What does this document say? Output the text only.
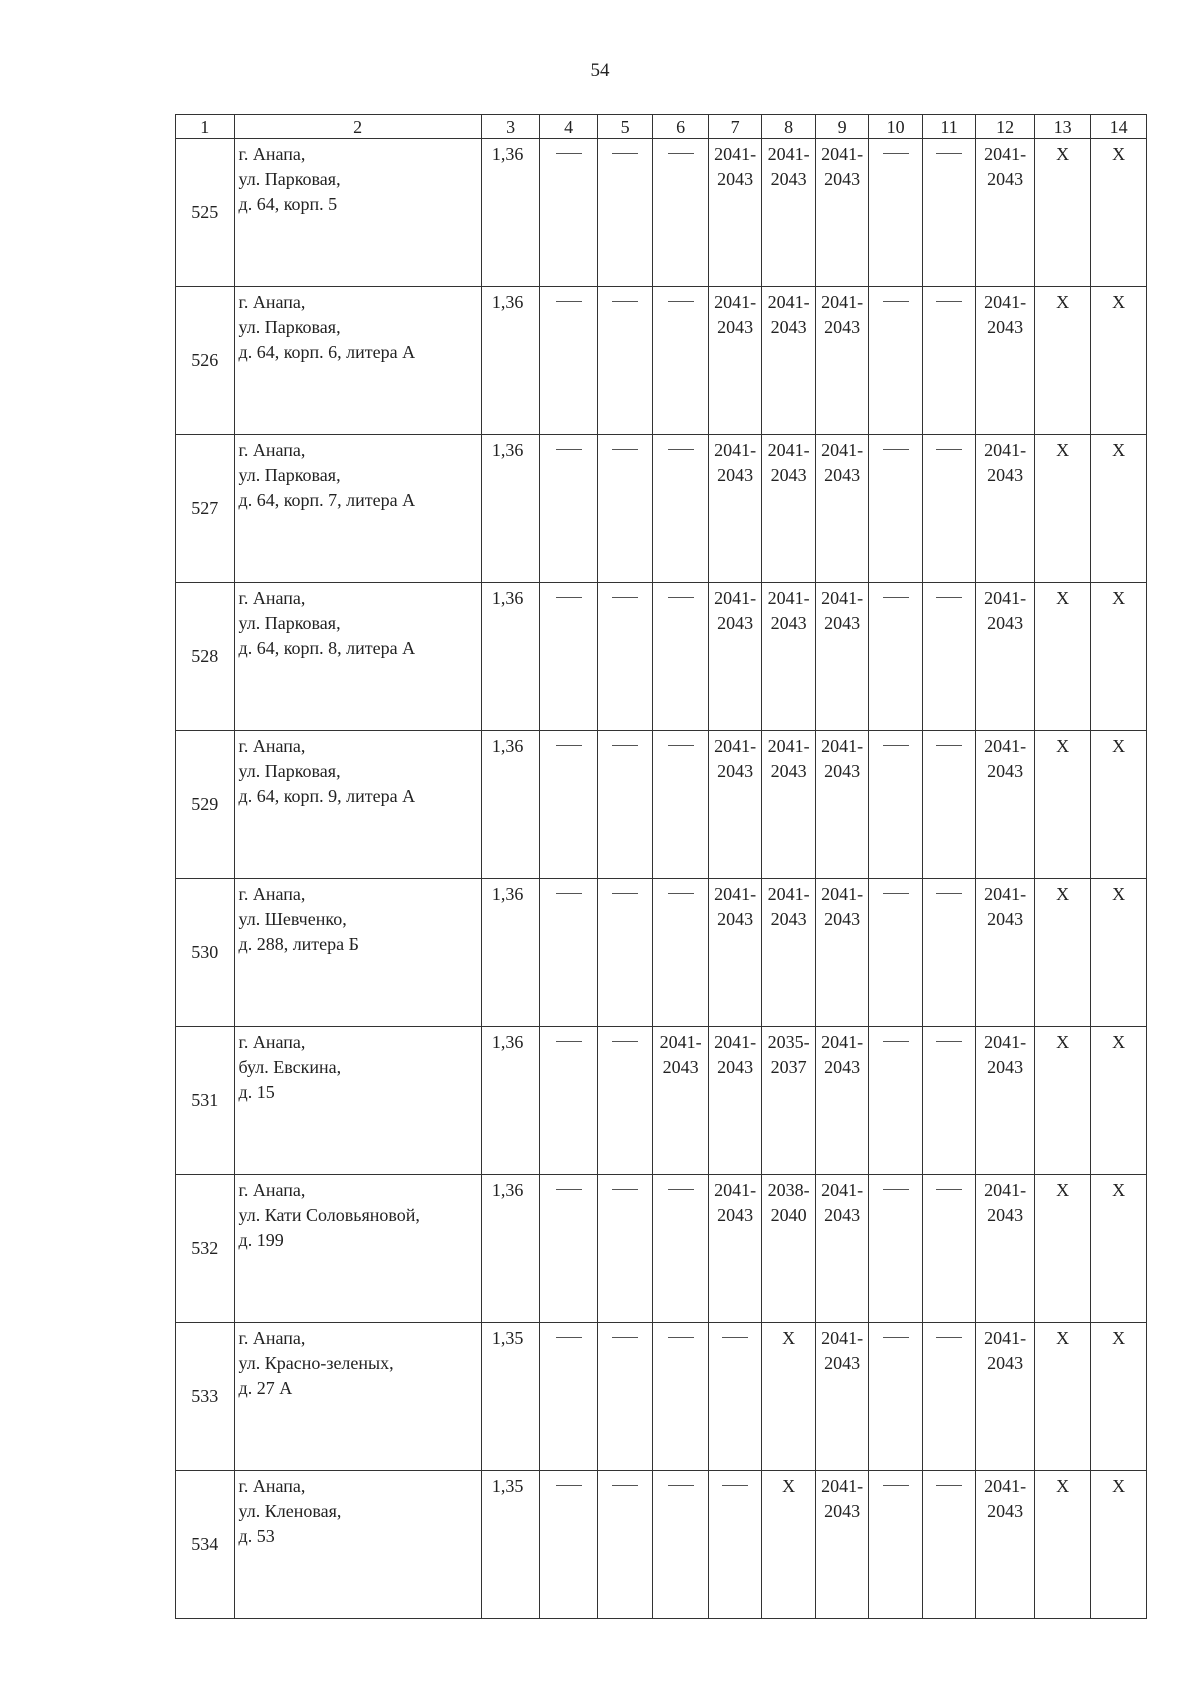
54
1	2	3	4	5	6	7	8	9	10	11	12	13	14
525	г. Анапа,
ул. Парковая,
д. 64, корп. 5	1,36				2041-
2043	2041-
2043	2041-
2043			2041-
2043	X	X
526	г. Анапа,
ул. Парковая,
д. 64, корп. 6, литера А	1,36				2041-
2043	2041-
2043	2041-
2043			2041-
2043	X	X
527	г. Анапа,
ул. Парковая,
д. 64, корп. 7, литера А	1,36				2041-
2043	2041-
2043	2041-
2043			2041-
2043	X	X
528	г. Анапа,
ул. Парковая,
д. 64, корп. 8, литера А	1,36				2041-
2043	2041-
2043	2041-
2043			2041-
2043	X	X
529	г. Анапа,
ул. Парковая,
д. 64, корп. 9, литера А	1,36				2041-
2043	2041-
2043	2041-
2043			2041-
2043	X	X
530	г. Анапа,
ул. Шевченко,
д. 288, литера Б	1,36				2041-
2043	2041-
2043	2041-
2043			2041-
2043	X	X
531	г. Анапа,
бул. Евскина,
д. 15	1,36			2041-
2043	2041-
2043	2035-
2037	2041-
2043			2041-
2043	X	X
532	г. Анапа,
ул. Кати Соловьяновой,
д. 199	1,36				2041-
2043	2038-
2040	2041-
2043			2041-
2043	X	X
533	г. Анапа,
ул. Красно-зеленых,
д. 27 А	1,35					X	2041-
2043			2041-
2043	X	X
534	г. Анапа,
ул. Кленовая,
д. 53	1,35					X	2041-
2043			2041-
2043	X	X
